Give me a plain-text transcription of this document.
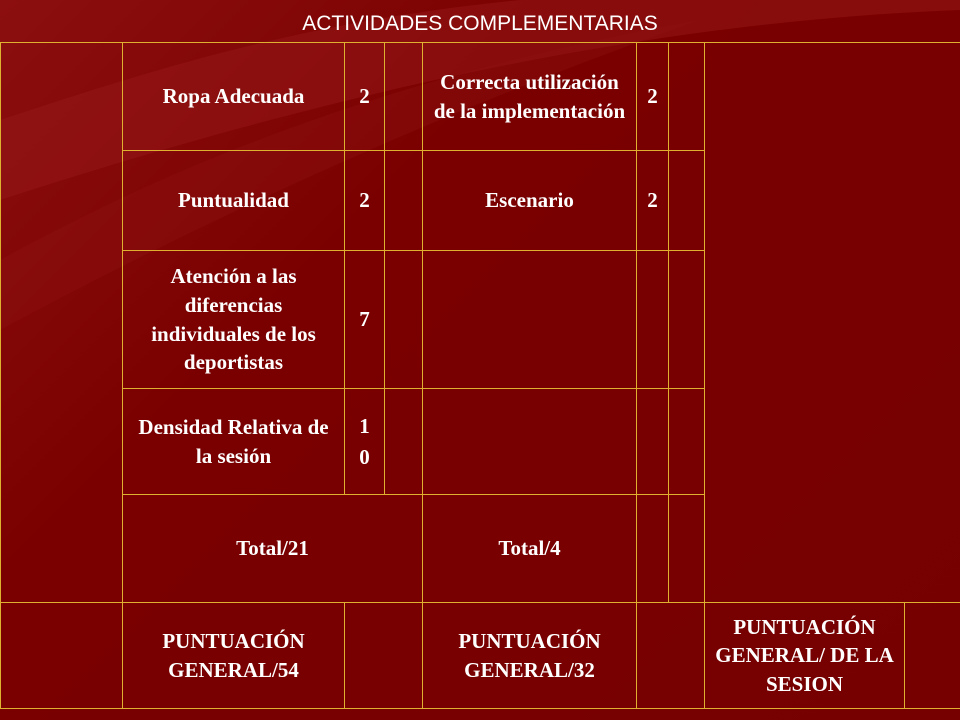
ACTIVIDADES COMPLEMENTARIAS
	Ropa Adecuada	2		Correcta utilización de la implementación	2			
	Puntualidad	2		Escenario	2			
	Atención a las diferencias individuales de los deportistas	7						
	Densidad Relativa de la sesión	10						
	Total/21			Total/4				
	PUNTUACIÓN GENERAL/54			PUNTUACIÓN GENERAL/32			PUNTUACIÓN GENERAL/ DE LA SESION	
